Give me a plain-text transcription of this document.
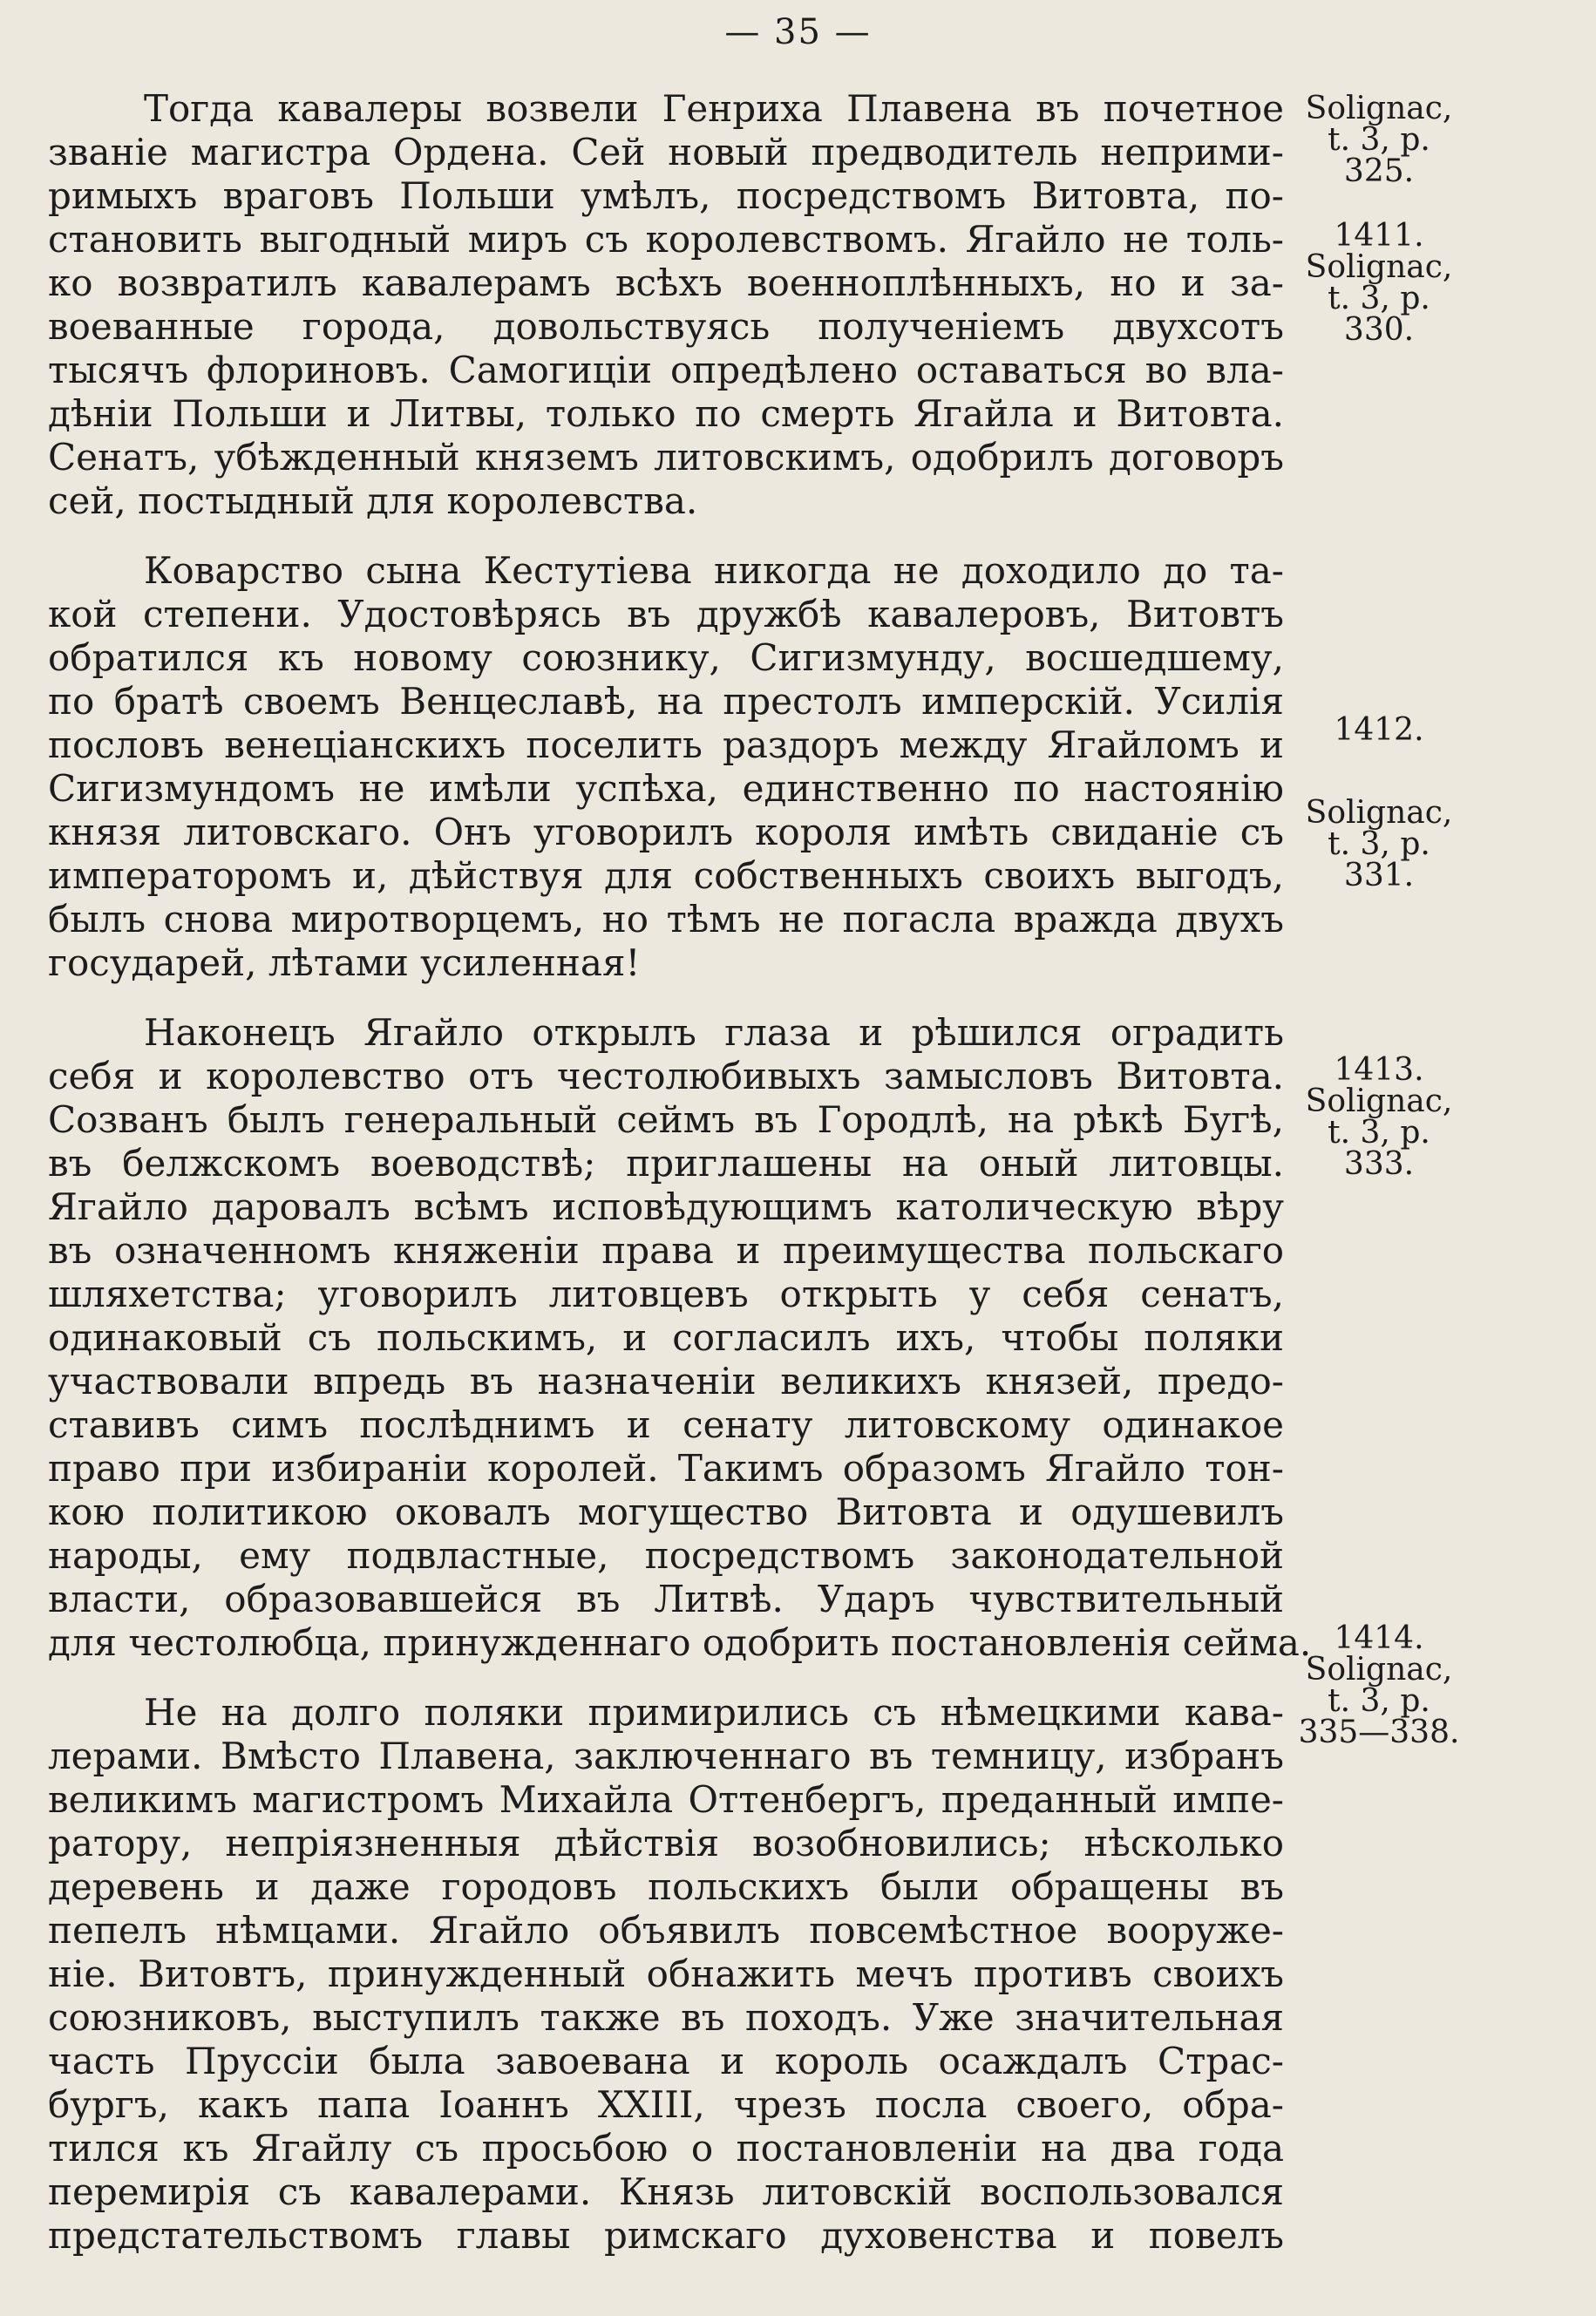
— 35 —
Тогда кавалеры возвели Генриха Плавена въ почетное
званіе магистра Ордена. Сей новый предводитель неприми-
римыхъ враговъ Польши умѣлъ, посредствомъ Витовта, по-
становить выгодный миръ съ королевствомъ. Ягайло не толь-
ко возвратилъ кавалерамъ всѣхъ военноплѣнныхъ, но и за-
воеванные города, довольствуясь полученіемъ двухсотъ
тысячъ флориновъ. Самогиціи опредѣлено оставаться во вла-
дѣніи Польши и Литвы, только по смерть Ягайла и Витовта.
Сенатъ, убѣжденный княземъ литовскимъ, одобрилъ договоръ
сей, постыдный для королевства.
Коварство сына Кестутіева никогда не доходило до та-
кой степени. Удостовѣрясь въ дружбѣ кавалеровъ, Витовтъ
обратился къ новому союзнику, Сигизмунду, восшедшему,
по братѣ своемъ Венцеславѣ, на престолъ имперскій. Усилія
пословъ венеціанскихъ поселить раздоръ между Ягайломъ и
Сигизмундомъ не имѣли успѣха, единственно по настоянію
князя литовскаго. Онъ уговорилъ короля имѣть свиданіе съ
императоромъ и, дѣйствуя для собственныхъ своихъ выгодъ,
былъ снова миротворцемъ, но тѣмъ не погасла вражда двухъ
государей, лѣтами усиленная!
Наконецъ Ягайло открылъ глаза и рѣшился оградить
себя и королевство отъ честолюбивыхъ замысловъ Витовта.
Созванъ былъ генеральный сеймъ въ Городлѣ, на рѣкѣ Бугѣ,
въ белжскомъ воеводствѣ; приглашены на оный литовцы.
Ягайло даровалъ всѣмъ исповѣдующимъ католическую вѣру
въ означенномъ княженіи права и преимущества польскаго
шляхетства; уговорилъ литовцевъ открыть у себя сенатъ,
одинаковый съ польскимъ, и согласилъ ихъ, чтобы поляки
участвовали впредь въ назначеніи великихъ князей, предо-
ставивъ симъ послѣднимъ и сенату литовскому одинакое
право при избираніи королей. Такимъ образомъ Ягайло тон-
кою политикою оковалъ могущество Витовта и одушевилъ
народы, ему подвластные, посредствомъ законодательной
власти, образовавшейся въ Литвѣ. Ударъ чувствительный
для честолюбца, принужденнаго одобрить постановленія сейма.
Не на долго поляки примирились съ нѣмецкими кава-
лерами. Вмѣсто Плавена, заключеннаго въ темницу, избранъ
великимъ магистромъ Михайла Оттенбергъ, преданный импе-
ратору, непріязненныя дѣйствія возобновились; нѣсколько
деревень и даже городовъ польскихъ были обращены въ
пепелъ нѣмцами. Ягайло объявилъ повсемѣстное вооруже-
ніе. Витовтъ, принужденный обнажить мечъ противъ своихъ
союзниковъ, выступилъ также въ походъ. Уже значительная
часть Пруссіи была завоевана и король осаждалъ Страс-
бургъ, какъ папа Іоаннъ XXIII, чрезъ посла своего, обра-
тился къ Ягайлу съ просьбою о постановленіи на два года
перемирія съ кавалерами. Князь литовскій воспользовался
предстательствомъ главы римскаго духовенства и повелъ
Solignac,
t. 3, p.
325.
1411.
Solignac,
t. 3, p.
330.
1412.
Solignac,
t. 3, p.
331.
1413.
Solignac,
t. 3, p.
333.
1414.
Solignac,
t. 3, p.
335—338.
